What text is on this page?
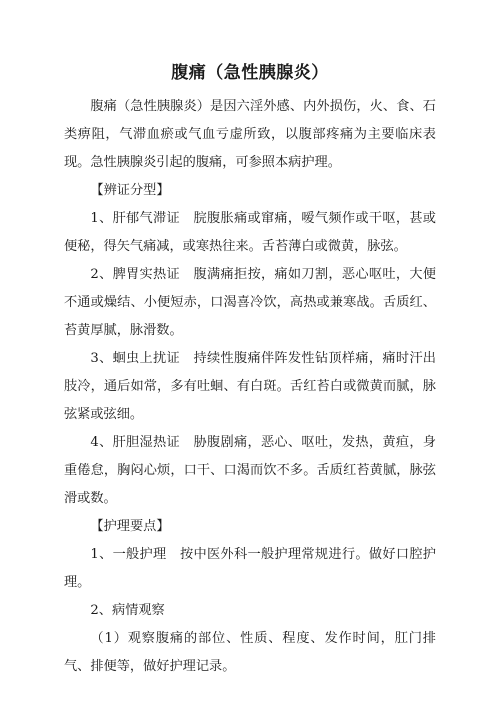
腹痛（急性胰腺炎）

腹痛（急性胰腺炎）是因六淫外感、内外损伤，火、食、石类痹阻，气滞血瘀或气血亏虚所致，以腹部疼痛为主要临床表现。急性胰腺炎引起的腹痛，可参照本病护理。

【辨证分型】

1、肝郁气滞证　脘腹胀痛或窜痛，嗳气频作或干呕，甚或便秘，得矢气痛减，或寒热往来。舌苔薄白或微黄，脉弦。

2、脾胃实热证　腹满痛拒按，痛如刀割，恶心呕吐，大便不通或燥结、小便短赤，口渴喜冷饮，高热或兼寒战。舌质红、苔黄厚腻，脉滑数。

3、蛔虫上扰证　持续性腹痛伴阵发性钻顶样痛，痛时汗出肢冷，通后如常，多有吐蛔、有白斑。舌红苔白或微黄而腻，脉弦紧或弦细。

4、肝胆湿热证　胁腹剧痛，恶心、呕吐，发热，黄疸，身重倦怠，胸闷心烦，口干、口渴而饮不多。舌质红苔黄腻，脉弦滑或数。

【护理要点】

1、一般护理　按中医外科一般护理常规进行。做好口腔护理。

2、病情观察

（1）观察腹痛的部位、性质、程度、发作时间，肛门排气、排便等，做好护理记录。
